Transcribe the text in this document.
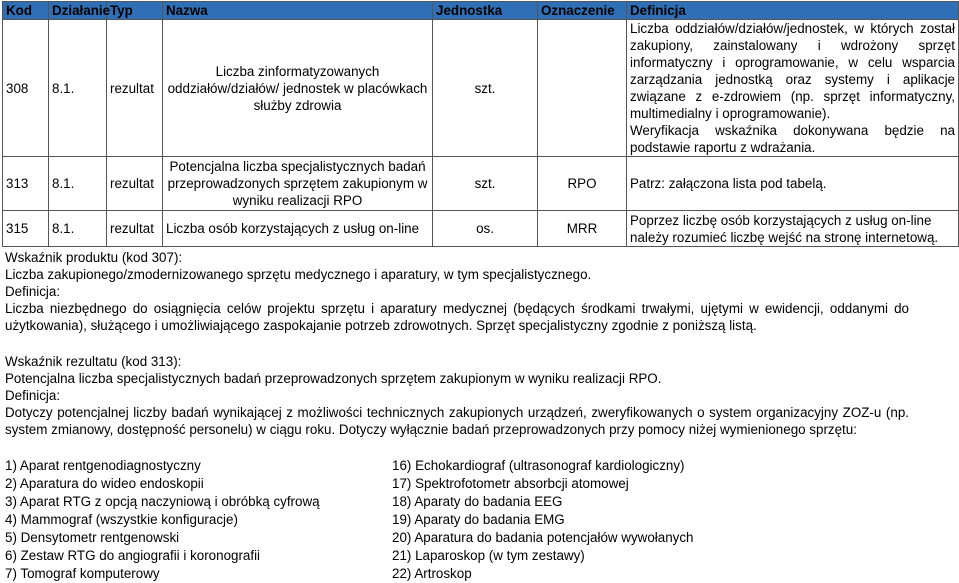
Kod	Działanie	Typ	Nazwa	Jednostka	Oznaczenie	Definicja
308	8.1.	rezultat	Liczba zinformatyzowanych oddziałów/działów/ jednostek w placówkach służby zdrowia	szt.		Liczba oddziałów/działów/jednostek, w których został zakupiony, zainstalowany i wdrożony sprzęt informatyczny i oprogramowanie, w celu wsparcia zarządzania jednostką oraz systemy i aplikacje związane z e-zdrowiem (np. sprzęt informatyczny, multimedialny i oprogramowanie).
Weryfikacja wskaźnika dokonywana będzie na podstawie raportu z wdrażania.

313	8.1.	rezultat	Potencjalna liczba specjalistycznych badań przeprowadzonych sprzętem zakupionym w wyniku realizacji RPO	szt.	RPO	Patrz: załączona lista pod tabelą.
315	8.1.	rezultat	Liczba osób korzystających z usług on-line	os.	MRR	Poprzez liczbę osób korzystających z usług on-line należy rozumieć liczbę wejść na stronę internetową.

Wskaźnik produktu (kod 307):

Liczba zakupionego/zmodernizowanego sprzętu medycznego i aparatury, w tym specjalistycznego.

Definicja:

Liczba niezbędnego do osiągnięcia celów projektu sprzętu i aparatury medycznej (będących środkami trwałymi, ujętymi w ewidencji, oddanymi do użytkowania), służącego i umożliwiającego zaspokajanie potrzeb zdrowotnych. Sprzęt specjalistyczny zgodnie z poniższą listą.

Wskaźnik rezultatu (kod 313):

Potencjalna liczba specjalistycznych badań przeprowadzonych sprzętem zakupionym w wyniku realizacji RPO.

Definicja:

Dotyczy potencjalnej liczby badań wynikającej z możliwości technicznych zakupionych urządzeń, zweryfikowanych o system organizacyjny ZOZ-u (np. system zmianowy, dostępność personelu) w ciągu roku. Dotyczy wyłącznie badań przeprowadzonych przy pomocy niżej wymienionego sprzętu:

1) Aparat rentgenodiagnostyczny
2) Aparatura do wideo endoskopii
3) Aparat RTG z opcją naczyniową i obróbką cyfrową
4) Mammograf (wszystkie konfiguracje)
5) Densytometr rentgenowski
6) Zestaw RTG do angiografii i koronografii
7) Tomograf komputerowy
16) Echokardiograf (ultrasonograf kardiologiczny)
17) Spektrofotometr absorbcji atomowej
18) Aparaty do badania EEG
19) Aparaty do badania EMG
20) Aparatura do badania potencjałów wywołanych
21) Laparoskop (w tym zestawy)
22) Artroskop
